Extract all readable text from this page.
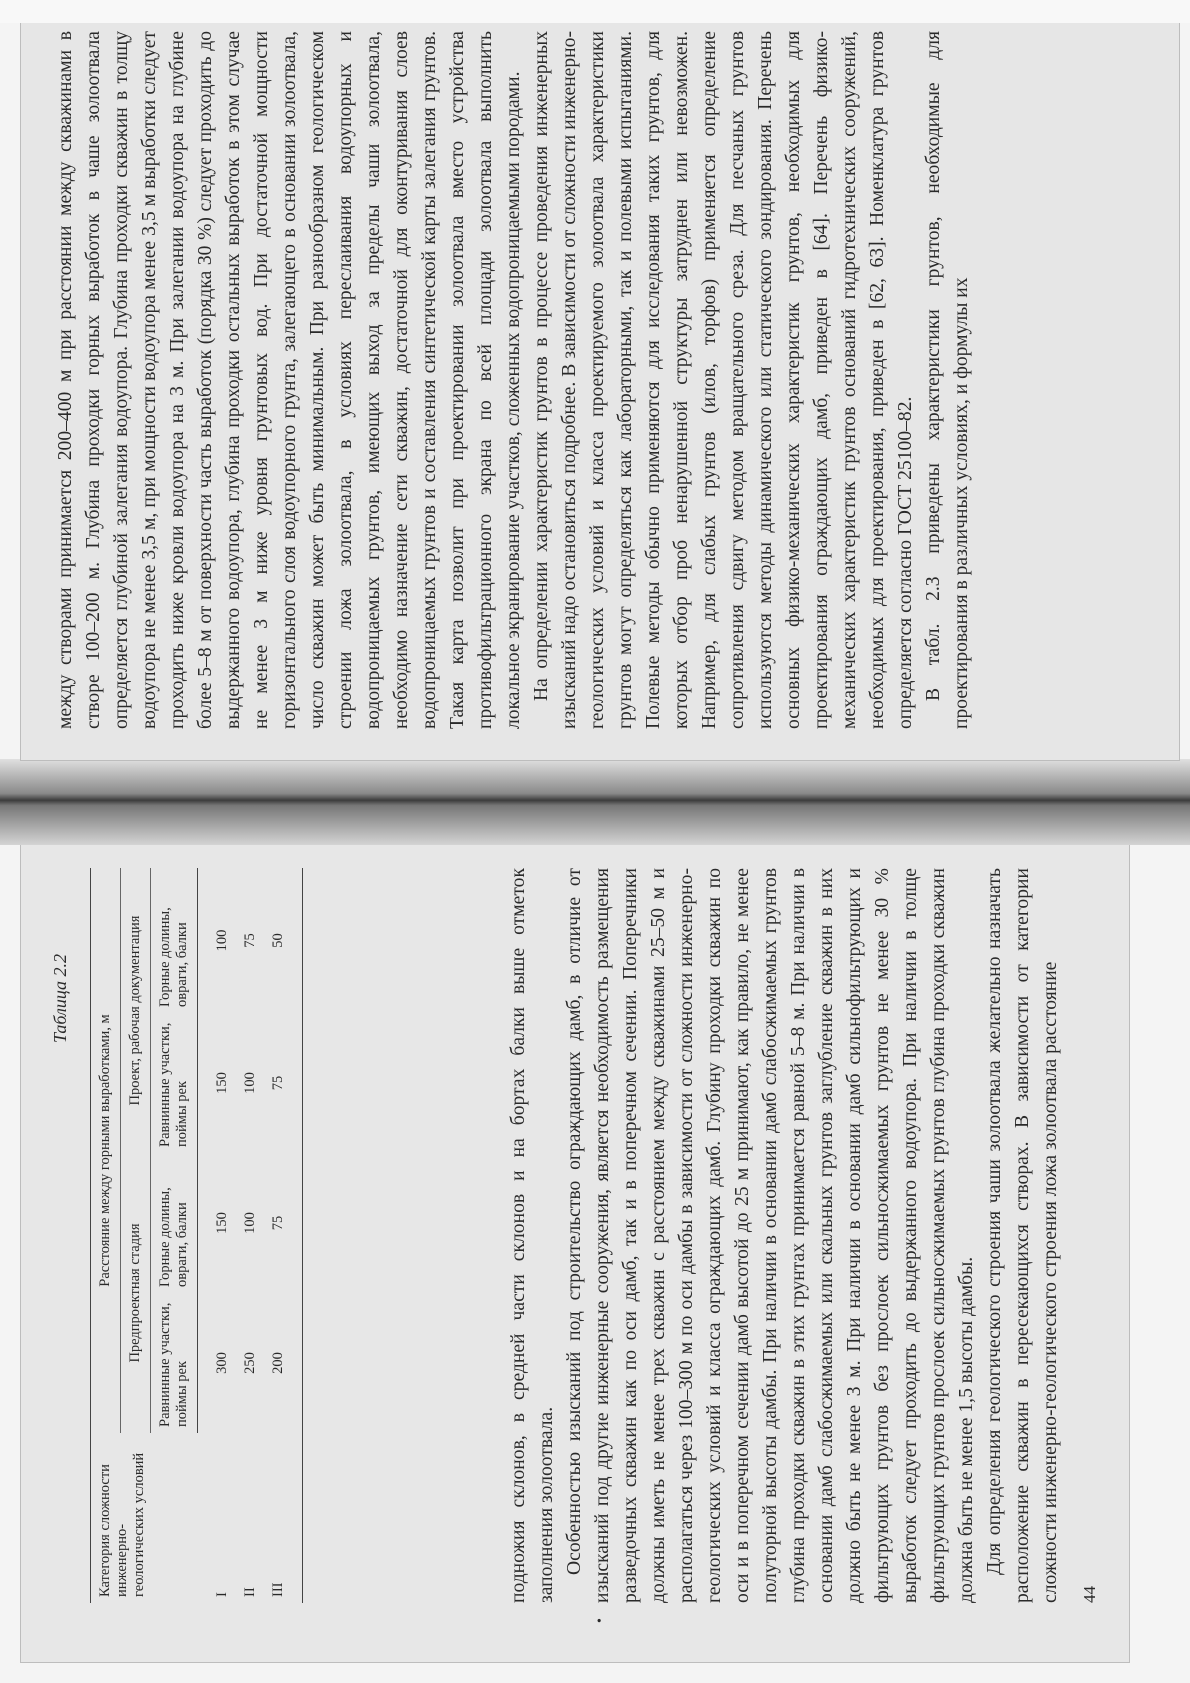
Таблица 2.2
Категория сложности инженерно-геологических условий	Расстояние между горными выработками, м			
	Предпроектная стадия		Проект, рабочая документация	
	Равнинные участки, поймы рек	Горные долины, овраги, балки	Равнинные участки, поймы рек	Горные долины, овраги, балки
I	300	150	150	100
II	250	100	100	75
III	200	75	75	50
•

подножия склонов, в средней части склонов и на бортах балки выше отметок заполнения золоотвала. Особенностью изысканий под строительство ограждающих дамб, в отличие от изысканий под другие инженерные сооружения, является необходимость размещения разведочных скважин как по оси дамб, так и в поперечном сечении. Поперечники должны иметь не менее трех скважин с расстоянием между скважинами 25–50 м и располагаться через 100–300 м по оси дамбы в зависимости от сложности инженерно-геологических условий и класса ограждающих дамб. Глубину проходки скважин по оси и в поперечном сечении дамб высотой до 25 м принимают, как правило, не менее полуторной высоты дамбы. При наличии в основании дамб слабосжимаемых грунтов глубина проходки скважин в этих грунтах принимается равной 5–8 м. При наличии в основании дамб слабосжимаемых или скальных грунтов заглубление скважин в них должно быть не менее 3 м. При наличии в основании дамб сильнофильтрующих и фильтрующих грунтов без прослоек сильносжимаемых грунтов не менее 30 % выработок следует проходить до выдержанного водоупора. При наличии в толще фильтрующих грунтов прослоек сильносжимаемых грунтов глубина проходки скважин должна быть не менее 1,5 высоты дамбы. Для определения геологического строения чаши золоотвала желательно назначать расположение скважин в пересекающихся створах. В зависимости от категории сложности инженерно-геологического строения ложа золоотвала расстояние 44

между створами принимается 200–400 м при расстоянии между скважинами в створе 100–200 м. Глубина проходки горных выработок в чаше золоотвала определяется глубиной залегания водоупора. Глубина проходки скважин в толщу водоупора не менее 3,5 м, при мощности водоупора менее 3,5 м выработки следует проходить ниже кровли водоупора на 3 м. При залегании водоупора на глубине более 5–8 м от поверхности часть выработок (порядка 30 %) следует проходить до выдержанного водоупора, глубина проходки остальных выработок в этом случае не менее 3 м ниже уровня грунтовых вод. При достаточной мощности горизонтального слоя водоупорного грунта, залегающего в основании золоотвала, число скважин может быть минимальным. При разнообразном геологическом строении ложа золоотвала, в условиях переслаивания водоупорных и водопроницаемых грунтов, имеющих выход за пределы чаши золоотвала, необходимо назначение сети скважин, достаточной для оконтуривания слоев водопроницаемых грунтов и составления синтетической карты залегания грунтов. Такая карта позволит при проектировании золоотвала вместо устройства противофильтрационного экрана по всей площади золоотвала выполнить локальное экранирование участков, сложенных водопроницаемыми породами. На определении характеристик грунтов в процессе проведения инженерных изысканий надо остановиться подробнее. В зависимости от сложности инженерно-геологических условий и класса проектируемого золоотвала характеристики грунтов могут определяться как лабораторными, так и полевыми испытаниями. Полевые методы обычно применяются для исследования таких грунтов, для которых отбор проб ненарушенной структуры затруднен или невозможен. Например, для слабых грунтов (илов, торфов) применяется определение сопротивления сдвигу методом вращательного среза. Для песчаных грунтов используются методы динамического или статического зондирования. Перечень основных физико-механических характеристик грунтов, необходимых для проектирования ограждающих дамб, приведен в [64]. Перечень физико-механических характеристик грунтов оснований гидротехнических сооружений, необходимых для проектирования, приведен в [62, 63]. Номенклатура грунтов определяется согласно ГОСТ 25100–82. В табл. 2.3 приведены характеристики грунтов, необходимые для проектирования в различных условиях, и формулы их
